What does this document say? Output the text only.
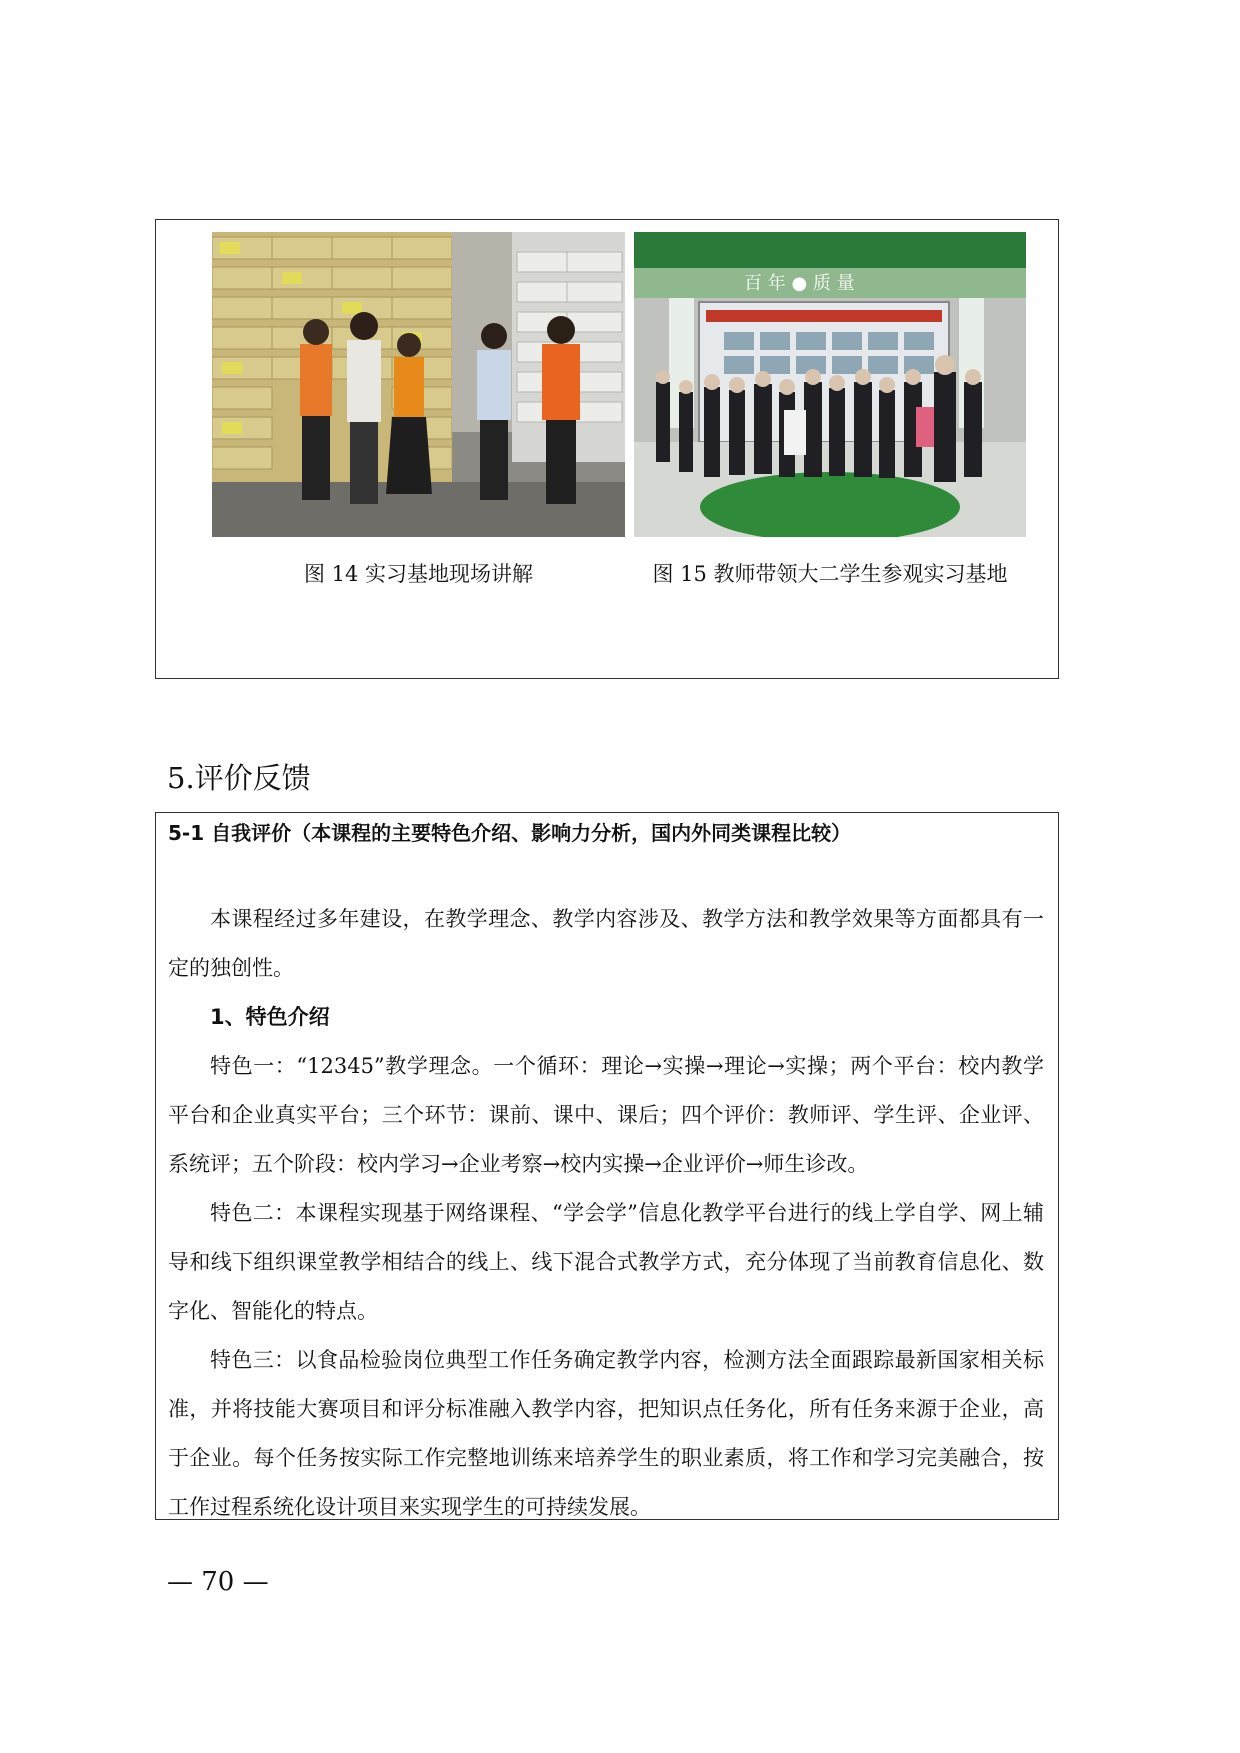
百 年 ● 质 量
图 14 实习基地现场讲解	图 15 教师带领大二学生参观实习基地
5.评价反馈
5-1 自我评价（本课程的主要特色介绍、影响力分析，国内外同类课程比较）

本课程经过多年建设，在教学理念、教学内容涉及、教学方法和教学效果等方面都具有一定的独创性。

1、特色介绍

特色一：“12345”教学理念。一个循环：理论→实操→理论→实操；两个平台：校内教学平台和企业真实平台；三个环节：课前、课中、课后；四个评价：教师评、学生评、企业评、系统评；五个阶段：校内学习→企业考察→校内实操→企业评价→师生诊改。

特色二：本课程实现基于网络课程、“学会学”信息化教学平台进行的线上学自学、网上辅导和线下组织课堂教学相结合的线上、线下混合式教学方式，充分体现了当前教育信息化、数字化、智能化的特点。

特色三：以食品检验岗位典型工作任务确定教学内容，检测方法全面跟踪最新国家相关标准，并将技能大赛项目和评分标准融入教学内容，把知识点任务化，所有任务来源于企业，高于企业。每个任务按实际工作完整地训练来培养学生的职业素质，将工作和学习完美融合，按工作过程系统化设计项目来实现学生的可持续发展。

— 70 —
